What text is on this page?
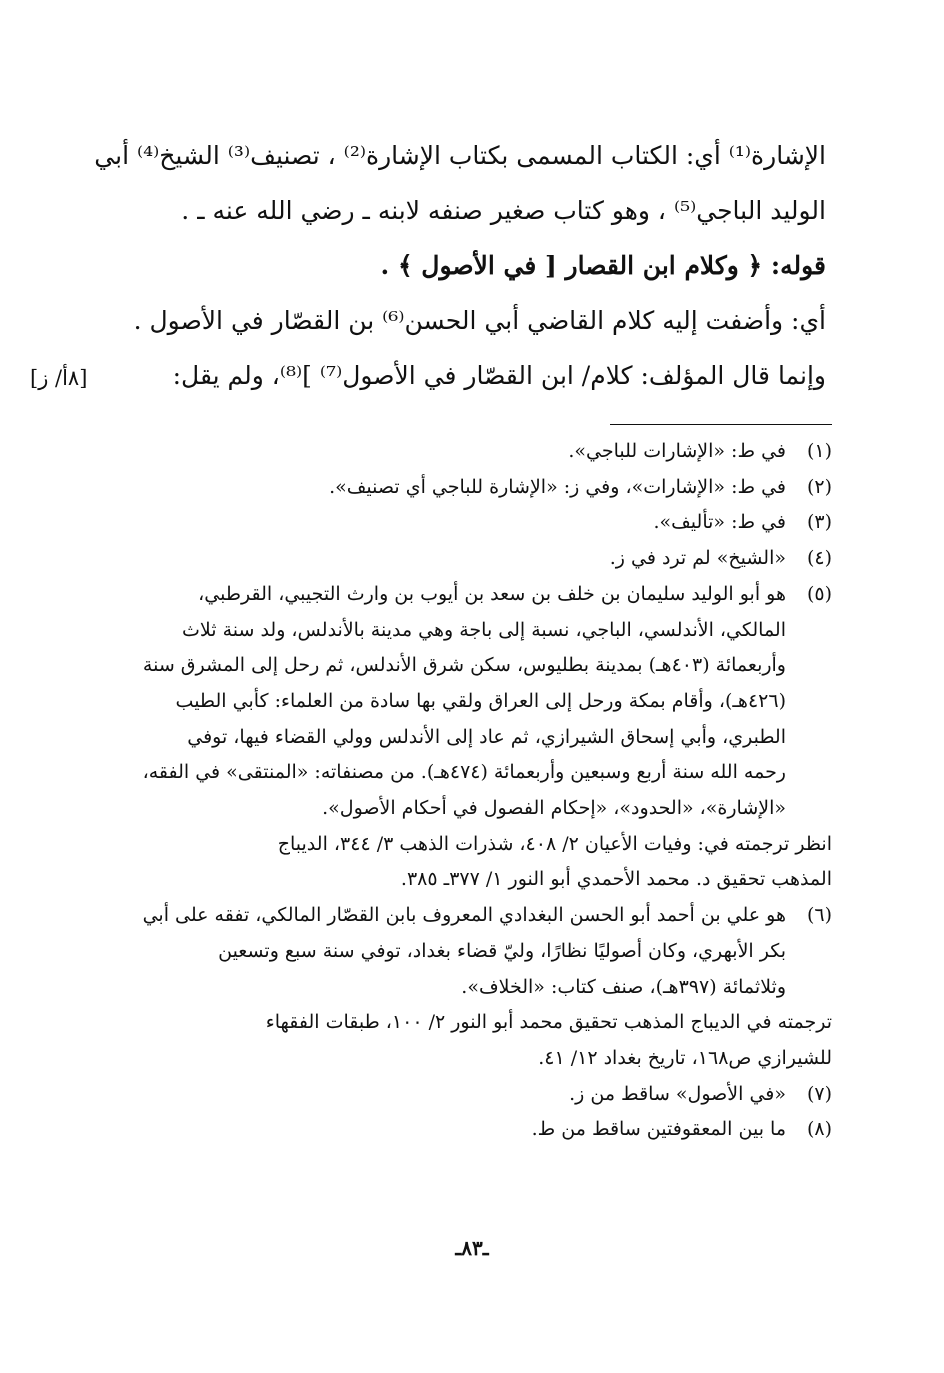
الإشارة⁽¹⁾ أي: الكتاب المسمى بكتاب الإشارة⁽²⁾ ، تصنيف⁽³⁾ الشيخ⁽⁴⁾ أبي

الوليد الباجي⁽⁵⁾ ، وهو كتاب صغير صنفه لابنه ـ رضي الله عنه ـ .

قوله: ﴿ وكلام ابن القصار [ في الأصول ﴾ .

أي: وأضفت إليه كلام القاضي أبي الحسن⁽⁶⁾ بن القصّار في الأصول .

وإنما قال المؤلف: كلام/ ابن القصّار في الأصول⁽⁷⁾ ]⁽⁸⁾، ولم يقل:

[٨أ/ ز]
(١)
في ط: «الإشارات للباجي».
(٢)
في ط: «الإشارات»، وفي ز: «الإشارة للباجي أي تصنيف».
(٣)
في ط: «تأليف».
(٤)
«الشيخ» لم ترد في ز.
(٥)
هو أبو الوليد سليمان بن خلف بن سعد بن أيوب بن وارث التجيبي، القرطبي،
المالكي، الأندلسي، الباجي، نسبة إلى باجة وهي مدينة بالأندلس، ولد سنة ثلاث
وأربعمائة (٤٠٣هـ) بمدينة بطليوس، سكن شرق الأندلس، ثم رحل إلى المشرق سنة
(٤٢٦هـ)، وأقام بمكة ورحل إلى العراق ولقي بها سادة من العلماء: كأبي الطيب
الطبري، وأبي إسحاق الشيرازي، ثم عاد إلى الأندلس وولي القضاء فيها، توفي
رحمه الله سنة أربع وسبعين وأربعمائة (٤٧٤هـ). من مصنفاته: «المنتقى» في الفقه،
«الإشارة»، «الحدود»، «إحكام الفصول في أحكام الأصول».
انظر ترجمته في: وفيات الأعيان ٢/ ٤٠٨، شذرات الذهب ٣/ ٣٤٤، الديباج
المذهب تحقيق د. محمد الأحمدي أبو النور ١/ ٣٧٧ـ ٣٨٥.
(٦)
هو علي بن أحمد أبو الحسن البغدادي المعروف بابن القصّار المالكي، تفقه على أبي
بكر الأبهري، وكان أصوليًا نظارًا، وليّ قضاء بغداد، توفي سنة سبع وتسعين
وثلاثمائة (٣٩٧هـ)، صنف كتاب: «الخلاف».
ترجمته في الديباج المذهب تحقيق محمد أبو النور ٢/ ١٠٠، طبقات الفقهاء
للشيرازي ص١٦٨، تاريخ بغداد ١٢/ ٤١.
(٧)
«في الأصول» ساقط من ز.
(٨)
ما بين المعقوفتين ساقط من ط.
ـ٨٣ـ
